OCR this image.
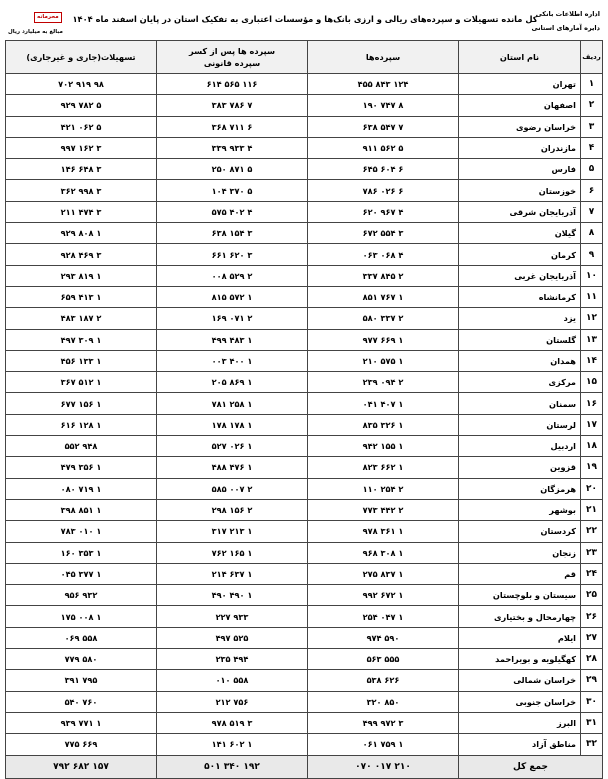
اداره اطلاعات بانکی
دایره آمارهای استانی
کل مانده تسهیلات و سپرده‌های ریالی و ارزی بانک‌ها و مؤسسات اعتباری به تفکیک استان در پایان اسفند ماه ۱۴۰۴
محرمانه
مبالغ به میلیارد ریال
ردیف	نام استان	سپرده‌ها	سپرده ها پس از کسر
سپرده قانونی	تسهیلات(جاری و غیرجاری)
۱	تهران	۱۲۴ ۸۴۳ ۴۵۵	۱۱۶ ۵۶۵ ۶۱۴	۹۸ ۹۱۹ ۷۰۲
۲	اصفهان	۸ ۷۴۷ ۱۹۰	۷ ۷۸۶ ۳۸۳	۵ ۷۸۲ ۹۲۹
۳	خراسان رضوی	۷ ۵۴۷ ۶۳۸	۶ ۷۱۱ ۳۶۸	۵ ۰۶۲ ۴۲۱
۴	مازندران	۵ ۵۶۲ ۹۱۱	۴ ۹۳۳ ۳۳۹	۳ ۱۶۲ ۹۹۷
۵	فارس	۶ ۶۰۴ ۶۴۵	۵ ۸۷۱ ۲۵۰	۳ ۶۴۸ ۱۴۶
۶	خوزستان	۶ ۰۲۶ ۷۸۶	۵ ۳۷۰ ۱۰۴	۳ ۹۹۸ ۳۶۲
۷	آذربایجان شرقی	۴ ۹۶۷ ۶۲۰	۴ ۴۰۲ ۵۷۵	۳ ۴۷۴ ۲۱۱
۸	گیلان	۳ ۵۵۴ ۶۷۲	۳ ۱۵۴ ۶۳۸	۱ ۸۰۸ ۹۲۹
۹	کرمان	۴ ۰۶۸ ۰۶۳	۳ ۶۲۰ ۶۶۱	۳ ۴۶۹ ۹۲۸
۱۰	آذربایجان غربی	۲ ۸۴۵ ۳۳۷	۲ ۵۲۹ ۰۰۸	۱ ۸۱۹ ۲۹۳
۱۱	کرمانشاه	۱ ۷۶۷ ۸۵۱	۱ ۵۷۲ ۸۱۵	۱ ۴۱۳ ۶۵۹
۱۲	یزد	۲ ۳۳۷ ۵۸۰	۲ ۰۷۱ ۱۶۹	۲ ۱۸۷ ۴۸۳
۱۳	گلستان	۱ ۶۶۹ ۹۷۷	۱ ۴۸۳ ۴۹۹	۱ ۳۰۹ ۴۹۷
۱۴	همدان	۱ ۵۷۵ ۲۱۰	۱ ۴۰۰ ۰۰۳	۱ ۱۳۳ ۴۵۶
۱۵	مرکزی	۲ ۰۹۴ ۲۳۹	۱ ۸۶۹ ۲۰۵	۱ ۵۱۲ ۳۶۷
۱۶	سمنان	۱ ۴۰۷ ۰۴۱	۱ ۲۵۸ ۷۸۱	۱ ۱۵۶ ۶۷۷
۱۷	لرستان	۱ ۳۲۶ ۸۳۵	۱ ۱۷۸ ۱۷۸	۱ ۱۲۸ ۶۱۶
۱۸	اردبیل	۱ ۱۵۵ ۹۴۲	۱ ۰۲۶ ۵۲۷	۹۴۸ ۵۵۲
۱۹	قزوین	۱ ۶۶۲ ۸۲۳	۱ ۴۷۶ ۴۸۸	۱ ۳۵۶ ۴۷۹
۲۰	هرمزگان	۲ ۲۵۴ ۱۱۰	۲ ۰۰۷ ۵۸۵	۱ ۷۱۹ ۰۸۰
۲۱	بوشهر	۲ ۴۴۲ ۷۷۳	۲ ۱۵۶ ۲۹۸	۱ ۸۵۱ ۳۹۸
۲۲	کردستان	۱ ۳۶۱ ۹۷۸	۱ ۲۱۳ ۳۱۷	۱ ۰۱۰ ۷۸۳
۲۳	زنجان	۱ ۳۰۸ ۹۶۸	۱ ۱۶۵ ۷۶۲	۱ ۳۵۳ ۱۶۰
۲۴	قم	۱ ۸۳۷ ۲۷۵	۱ ۶۳۷ ۲۱۴	۱ ۳۷۷ ۰۴۵
۲۵	سیستان و بلوچستان	۱ ۶۷۲ ۹۹۲	۱ ۴۹۰ ۴۹۰	۹۳۲ ۹۵۶
۲۶	چهارمحال و بختیاری	۱ ۰۴۷ ۲۵۴	۹۳۳ ۲۲۷	۱ ۰۰۸ ۱۷۵
۲۷	ایلام	۵۹۰ ۹۷۴	۵۲۵ ۴۹۷	۵۵۸ ۰۶۹
۲۸	کهگیلویه و بویراحمد	۵۵۵ ۵۶۳	۴۹۴ ۲۳۵	۵۸۰ ۷۷۹
۲۹	خراسان شمالی	۶۲۶ ۵۳۸	۵۵۸ ۰۱۰	۷۹۵ ۳۹۱
۳۰	خراسان جنوبی	۸۵۰ ۳۲۰	۷۵۶ ۲۱۲	۷۶۰ ۵۴۰
۳۱	البرز	۳ ۹۷۲ ۴۹۹	۳ ۵۱۹ ۹۷۸	۱ ۷۷۱ ۹۳۹
۳۲	مناطق آزاد	۱ ۷۵۹ ۰۶۱	۱ ۶۰۲ ۱۴۱	۶۶۹ ۷۷۵
جمع کل		۲۱۰ ۰۱۷ ۰۷۰	۱۹۲ ۳۴۰ ۵۰۱	۱۵۷ ۶۸۲ ۷۹۲
